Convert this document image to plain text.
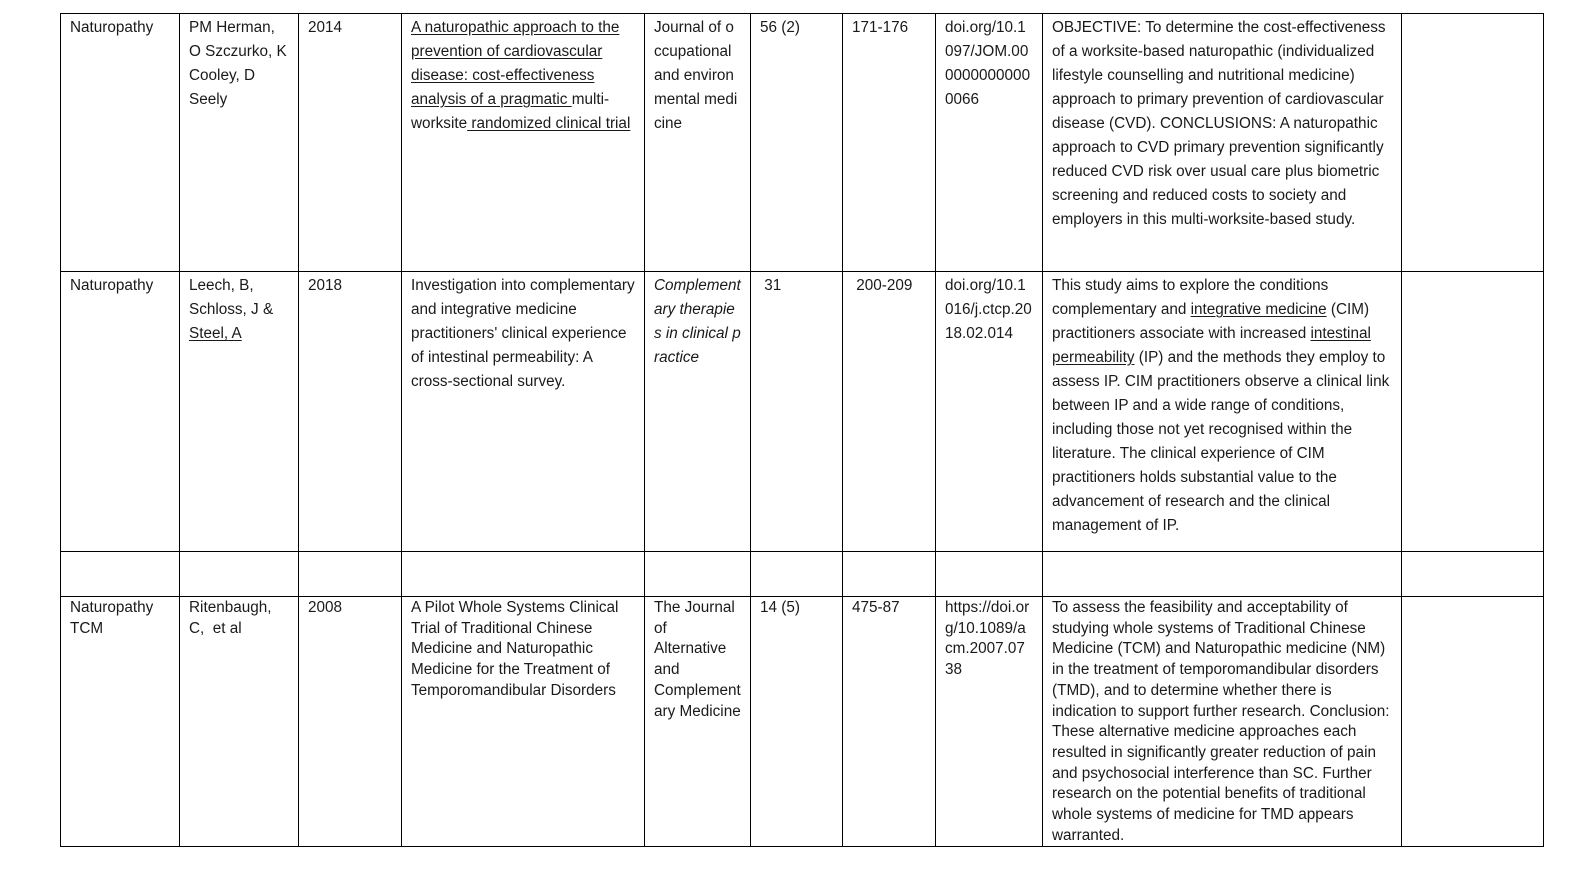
Naturopathy	PM Herman, O Szczurko, K Cooley, D Seely	2014	A naturopathic approach to the prevention of cardiovascular disease: cost-effectiveness analysis of a pragmatic multi-worksite randomized clinical trial	Journal of occupational and environmental medicine	56 (2)	171-176	doi.org/10.1097/JOM.0000000000000066	OBJECTIVE: To determine the cost-effectiveness of a worksite-based naturopathic (individualized lifestyle counselling and nutritional medicine) approach to primary prevention of cardiovascular disease (CVD). CONCLUSIONS: A naturopathic approach to CVD primary prevention significantly reduced CVD risk over usual care plus biometric screening and reduced costs to society and employers in this multi-worksite-based study.	
Naturopathy	Leech, B, Schloss, J & Steel, A	2018	Investigation into complementary and integrative medicine practitioners' clinical experience of intestinal permeability: A cross-sectional survey.	Complementary therapies in clinical practice	31	200-209	doi.org/10.1016/j.ctcp.2018.02.014	This study aims to explore the conditions complementary and integrative medicine (CIM) practitioners associate with increased intestinal permeability (IP) and the methods they employ to assess IP. CIM practitioners observe a clinical link between IP and a wide range of conditions, including those not yet recognised within the literature. The clinical experience of CIM practitioners holds substantial value to the advancement of research and the clinical management of IP.	

Naturopathy TCM	Ritenbaugh, C,  et al	2008	A Pilot Whole Systems Clinical Trial of Traditional Chinese Medicine and Naturopathic Medicine for the Treatment of Temporomandibular Disorders	The Journal of Alternative and Complementary Medicine	14 (5)	475-87	https://doi.org/10.1089/acm.2007.0738	To assess the feasibility and acceptability of studying whole systems of Traditional Chinese Medicine (TCM) and Naturopathic medicine (NM) in the treatment of temporomandibular disorders (TMD), and to determine whether there is indication to support further research. Conclusion: These alternative medicine approaches each resulted in significantly greater reduction of pain and psychosocial interference than SC. Further research on the potential benefits of traditional whole systems of medicine for TMD appears warranted.	
